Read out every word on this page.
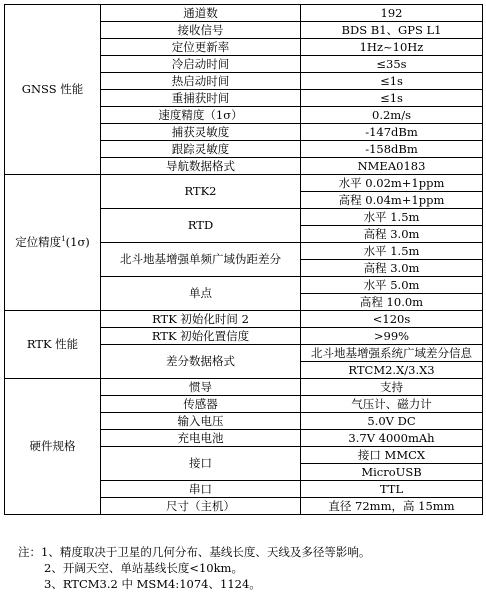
GNSS 性能	通道数	192
	接收信号	BDS B1、GPS L1
	定位更新率	1Hz~10Hz
	冷启动时间	≤35s
	热启动时间	≤1s
	重捕获时间	≤1s
	速度精度（1σ）	0.2m/s
	捕获灵敏度	-147dBm
	跟踪灵敏度	-158dBm
	导航数据格式	NMEA0183
定位精度$^1$(1σ)	RTK2	水平 0.02m+1ppm
		高程 0.04m+1ppm
	RTD	水平 1.5m
		高程 3.0m
	北斗地基增强单频广域伪距差分	水平 1.5m
		高程 3.0m
	单点	水平 5.0m
		高程 10.0m
RTK 性能	RTK 初始化时间 2	<120s
	RTK 初始化置信度	>99%
	差分数据格式	北斗地基增强系统广域差分信息

		RTCM2.X/3.X3
硬件规格	惯导	支持
	传感器	气压计、磁力计
	输入电压	5.0V DC
	充电电池	3.7V 4000mAh
	接口	接口 MMCX
		MicroUSB
	串口	TTL
	尺寸（主机）	直径 72mm，高 15mm
注：1、精度取决于卫星的几何分布、基线长度、天线及多径等影响。
2、开阔天空、单站基线长度<10km。
3、RTCM3.2 中 MSM4:1074、1124。
